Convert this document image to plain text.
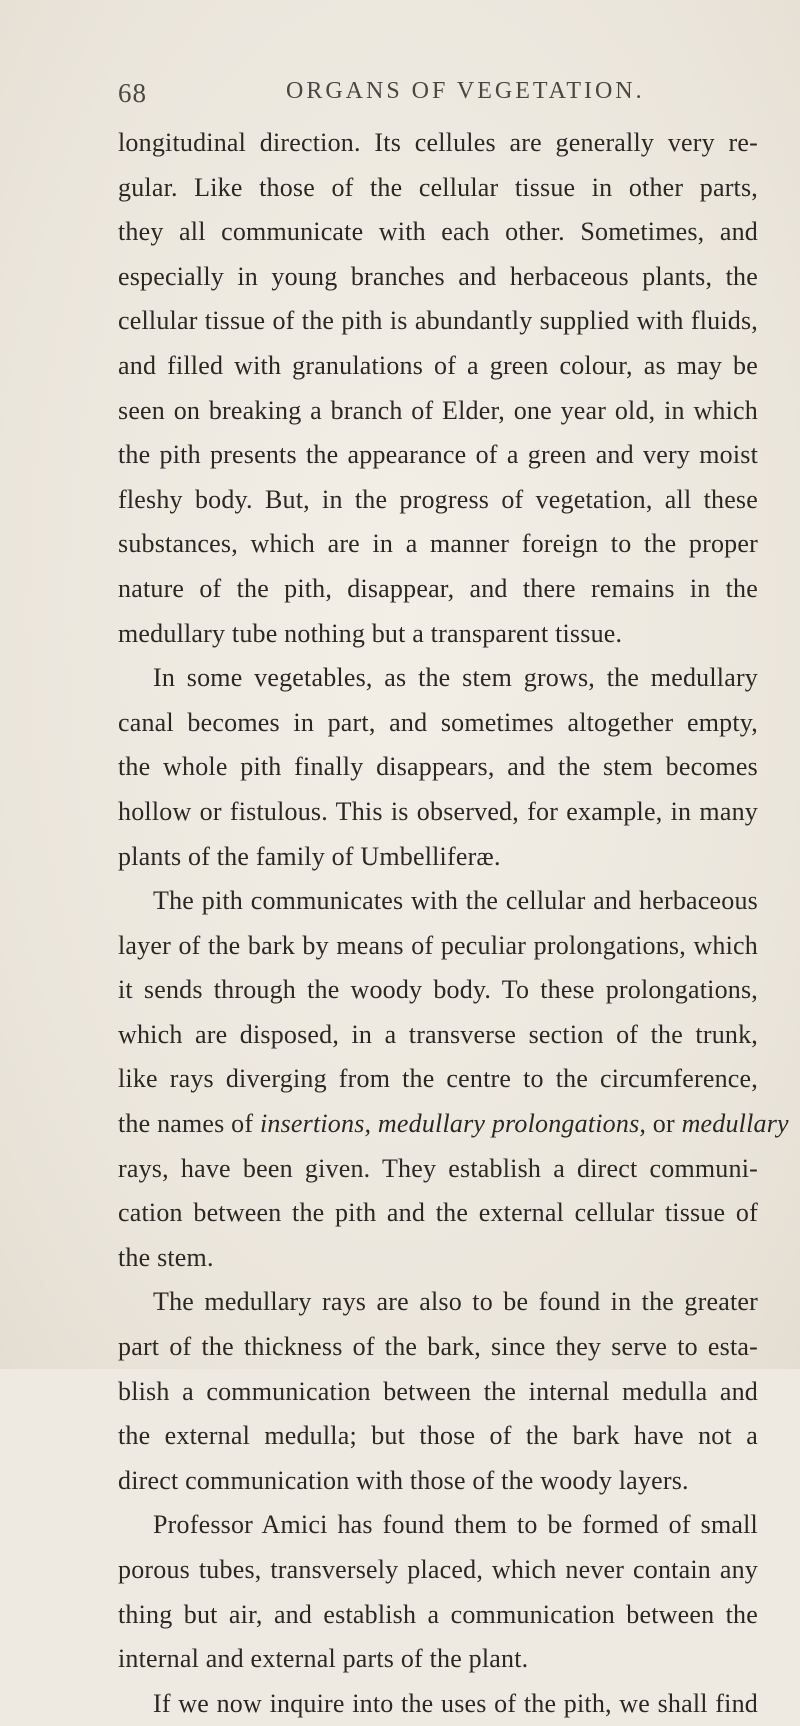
68	ORGANS OF VEGETATION.
longitudinal direction. Its cellules are generally very re-
gular. Like those of the cellular tissue in other parts,
they all communicate with each other. Sometimes, and
especially in young branches and herbaceous plants, the
cellular tissue of the pith is abundantly supplied with fluids,
and filled with granulations of a green colour, as may be
seen on breaking a branch of Elder, one year old, in which
the pith presents the appearance of a green and very moist
fleshy body. But, in the progress of vegetation, all these
substances, which are in a manner foreign to the proper
nature of the pith, disappear, and there remains in the
medullary tube nothing but a transparent tissue.
In some vegetables, as the stem grows, the medullary
canal becomes in part, and sometimes altogether empty,
the whole pith finally disappears, and the stem becomes
hollow or fistulous. This is observed, for example, in many
plants of the family of Umbelliferæ.
The pith communicates with the cellular and herbaceous
layer of the bark by means of peculiar prolongations, which
it sends through the woody body. To these prolongations,
which are disposed, in a transverse section of the trunk,
like rays diverging from the centre to the circumference,
the names of insertions, medullary prolongations, or medullary
rays, have been given. They establish a direct communi-
cation between the pith and the external cellular tissue of
the stem.
The medullary rays are also to be found in the greater
part of the thickness of the bark, since they serve to esta-
blish a communication between the internal medulla and
the external medulla; but those of the bark have not a
direct communication with those of the woody layers.
Professor Amici has found them to be formed of small
porous tubes, transversely placed, which never contain any
thing but air, and establish a communication between the
internal and external parts of the plant.
If we now inquire into the uses of the pith, we shall find
